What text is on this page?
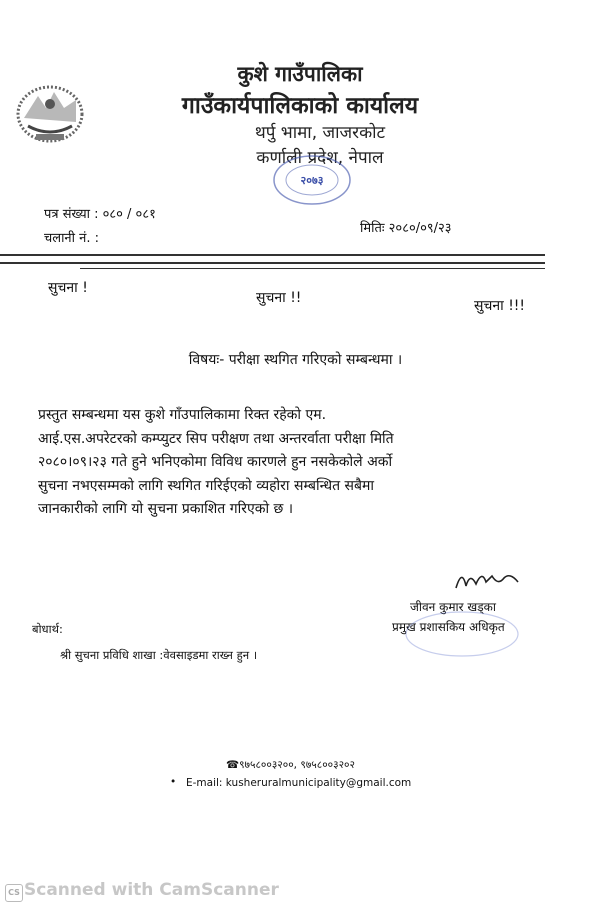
कुशे गाउँपालिका
गाउँकार्यपालिकाको कार्यालय
थर्पु भामा, जाजरकोट
कर्णाली प्रदेश, नेपाल
२०७३
पत्र संख्या : ०८० / ०८१
चलानी नं. :
मितिः २०८०/०९/२३
सुचना !
सुचना !!	सुचना !!!
विषयः- परीक्षा स्थगित गरिएको सम्बन्धमा ।
प्रस्तुत सम्बन्धमा यस कुशे गाँउपालिकामा रिक्त रहेको एम.
आई.एस.अपरेटरको कम्प्युटर सिप परीक्षण तथा अन्तरर्वाता परीक्षा मिति
२०८०।०९।२३ गते हुने भनिएकोमा विविध कारणले हुन नसकेकोले अर्को
सुचना नभएसम्मको लागि स्थगित गरिईएको व्यहोरा सम्बन्धित सबैमा
जानकारीको लागि यो सुचना प्रकाशित गरिएको छ ।
जीवन कुमार खड्का
प्रमुख प्रशासकिय अधिकृत
बोधार्थ:
श्री सुचना प्रविधि शाखा :वेवसाइडमा राख्न हुन ।
☎९७५८००३२००, ९७५८००३२०२
• E-mail: kusheruralmunicipality@gmail.com
CS Scanned with CamScanner
